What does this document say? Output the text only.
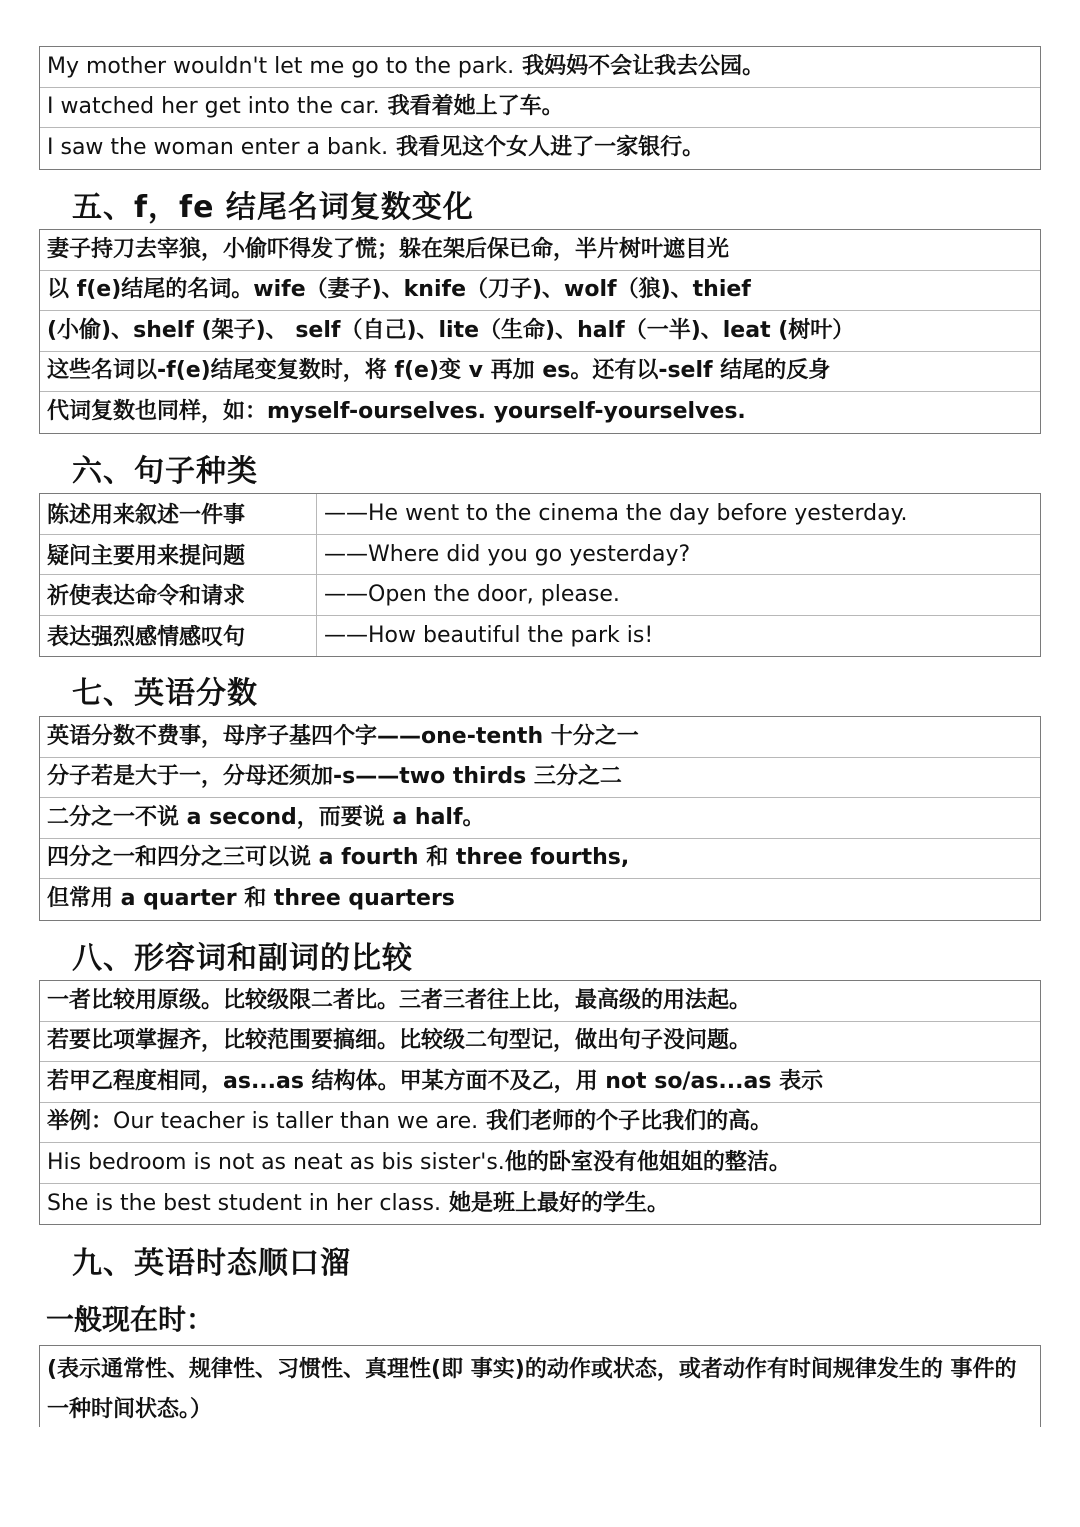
My mother wouldn't let me go to the park. 我妈妈不会让我去公园。
I watched her get into the car. 我看着她上了车。
I saw the woman enter a bank. 我看见这个女人进了一家银行。
五、f，fe 结尾名词复数变化
妻子持刀去宰狼，小偷吓得发了慌；躲在架后保已命，半片树叶遮目光
以 f(e)结尾的名词。wife（妻子)、knife（刀子)、wolf（狼)、thief
(小偷)、shelf (架子)、 self（自己)、lite（生命)、half（一半)、leat (树叶）
这些名词以-f(e)结尾变复数时，将 f(e)变 v 再加 es。还有以-self 结尾的反身
代词复数也同样，如：myself-ourselves. yourself-yourselves.
六、句子种类
陈述用来叙述一件事	——He went to the cinema the day before yesterday.
疑问主要用来提问题	——Where did you go yesterday?
祈使表达命令和请求	——Open the door, please.
表达强烈感情感叹句	——How beautiful the park is!
七、英语分数
英语分数不费事，母序子基四个字——one-tenth 十分之一
分子若是大于一，分母还须加-s——two thirds 三分之二
二分之一不说 a second，而要说 a half。
四分之一和四分之三可以说 a fourth 和 three fourths,
但常用 a quarter 和 three quarters
八、形容词和副词的比较
一者比较用原级。比较级限二者比。三者三者往上比，最高级的用法起。
若要比项掌握齐，比较范围要搞细。比较级二句型记，做出句子没问题。
若甲乙程度相同，as...as 结构体。甲某方面不及乙，用 not so/as...as 表示
举例： Our teacher is taller than we are. 我们老师的个子比我们的高。
His bedroom is not as neat as bis sister's. 他的卧室没有他姐姐的整洁。
She is the best student in her class. 她是班上最好的学生。
九、英语时态顺口溜
一般现在时：
(表示通常性、规律性、习惯性、真理性(即 事实)的动作或状态，或者动作有时间规律发生的 事件的一种时间状态。）
